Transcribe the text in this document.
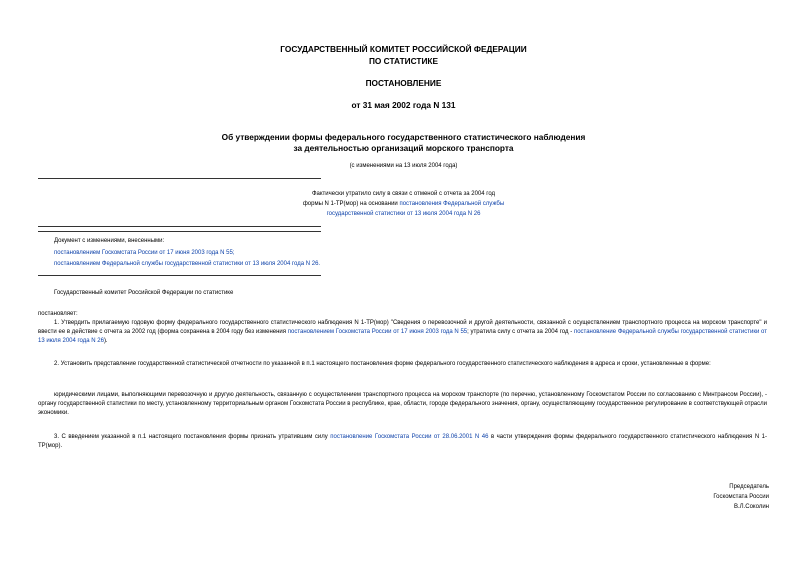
ГОСУДАРСТВЕННЫЙ КОМИТЕТ РОССИЙСКОЙ ФЕДЕРАЦИИ
ПО СТАТИСТИКЕ
ПОСТАНОВЛЕНИЕ
от 31 мая 2002 года N 131
Об утверждении формы федерального государственного статистического наблюдения
за деятельностью организаций морского транспорта
(с изменениями на 13 июля 2004 года)
Фактически утратило силу в связи с отменой с отчета за 2004 год
формы N 1-ТР(мор) на основании постановления Федеральной службы
государственной статистики от 13 июля 2004 года N 26
Документ с изменениями, внесенными:
постановлением Госкомстата России от 17 июня 2003 года N 55;
постановлением Федеральной службы государственной статистики от 13 июля 2004 года N 26.
Государственный комитет Российской Федерации по статистике
постановляет:
1. Утвердить прилагаемую годовую форму федерального государственного статистического наблюдения N 1-ТР(мор) "Сведения о перевозочной и другой деятельности, связанной с осуществлением транспортного процесса на морском транспорте" и ввести ее в действие с отчета за 2002 год (форма сохранена в 2004 году без изменения постановлением Госкомстата России от 17 июня 2003 года N 55; утратила силу с отчета за 2004 год - постановление Федеральной службы государственной статистики от 13 июля 2004 года N 26).
2. Установить представление государственной статистической отчетности по указанной в п.1 настоящего постановления форме федерального государственного статистического наблюдения в адреса и сроки, установленные в форме:
юридическими лицами, выполняющими перевозочную и другую деятельность, связанную с осуществлением транспортного процесса на морском транспорте (по перечню, установленному Госкомстатом России по согласованию с Минтрансом России), - органу государственной статистики по месту, установленному территориальным органом Госкомстата России в республике, крае, области, городе федерального значения, органу, осуществляющему государственное регулирование в соответствующей отрасли экономики.
3. С введением указанной в п.1 настоящего постановления формы признать утратившим силу постановление Госкомстата России от 28.06.2001 N 46 в части утверждения формы федерального государственного статистического наблюдения N 1-ТР(мор).
Председатель
Госкомстата России
В.Л.Соколин
